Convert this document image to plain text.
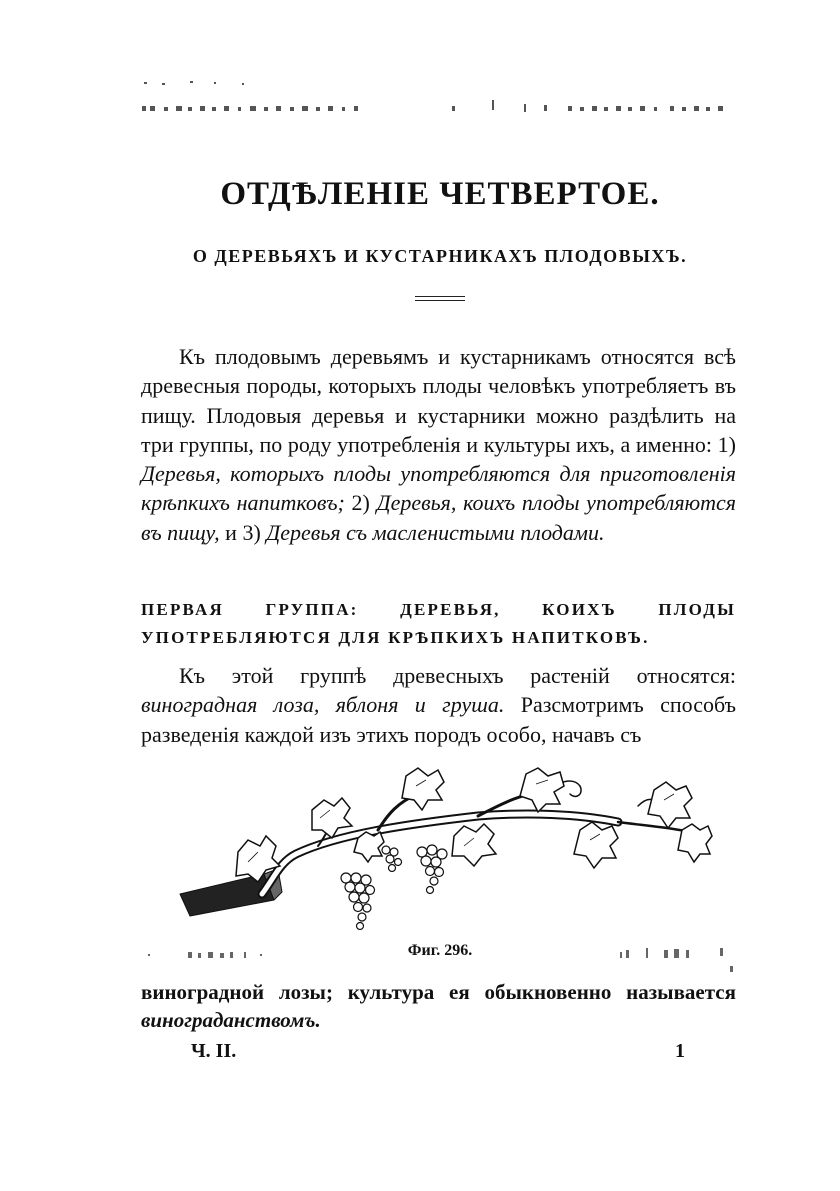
ОТДѢЛЕНІЕ ЧЕТВЕРТОЕ.
О ДЕРЕВЬЯХЪ И КУСТАРНИКАХЪ ПЛОДОВЫХЪ.
Къ плодовымъ деревьямъ и кустарникамъ относятся всѣ древесныя породы, которыхъ плоды человѣкъ употребляетъ въ пищу. Плодовыя деревья и кустарники можно раздѣлить на три группы, по роду употребленія и культуры ихъ, а именно: 1) Деревья, которыхъ плоды употребляются для приготовленія крѣпкихъ напитковъ; 2) Деревья, коихъ плоды употребляются въ пищу, и 3) Деревья съ масленистыми плодами.
ПЕРВАЯ ГРУППА: ДЕРЕВЬЯ, КОИХЪ ПЛОДЫ УПОТРЕБЛЯЮТСЯ ДЛЯ КРѢПКИХЪ НАПИТКОВЪ.
Къ этой группѣ древесныхъ растеній относятся: виноградная лоза, яблоня и груша. Разсмотримъ способъ разведенія каждой изъ этихъ породъ особо, начавъ съ
Фиг. 296.
виноградной лозы; культура ея обыкновенно называется винограданствомъ.
Ч. II.	1
